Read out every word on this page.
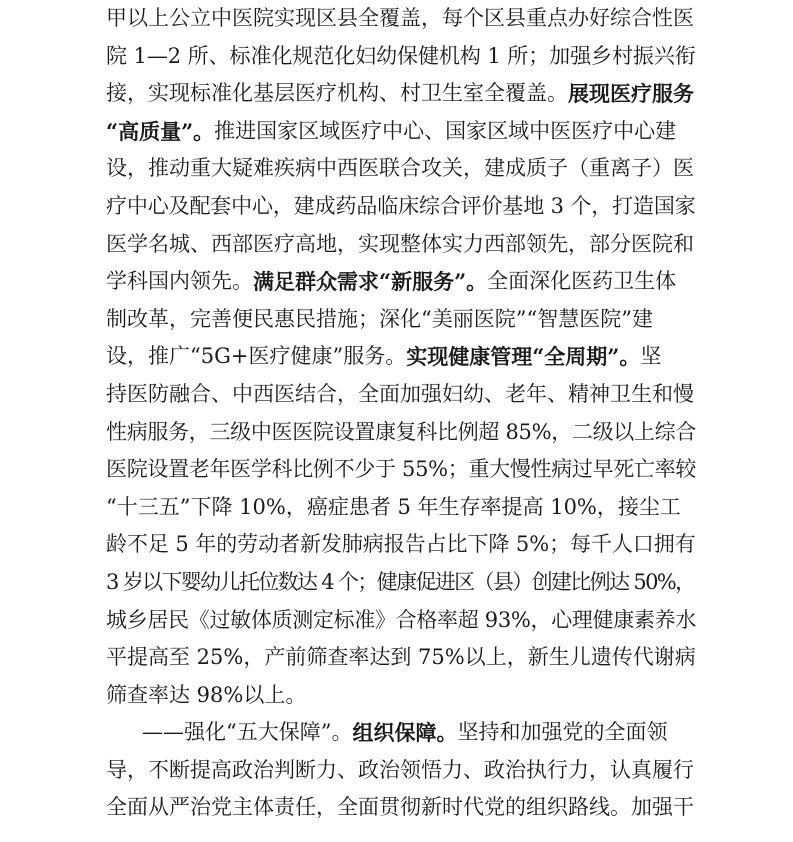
甲以上公立中医院实现区县全覆盖，每个区县重点办好综合性医
院 1—2 所、标准化规范化妇幼保健机构 1 所；加强乡村振兴衔
接，实现标准化基层医疗机构、村卫生室全覆盖。 展现医疗服务
“高质量”。 推进国家区域医疗中心、国家区域中医医疗中心建
设，推动重大疑难疾病中西医联合攻关，建成质子（重离子）医
疗中心及配套中心，建成药品临床综合评价基地 3 个，打造国家
医学名城、西部医疗高地，实现整体实力西部领先，部分医院和
学科国内领先。 满足群众需求“新服务”。 全面深化医药卫生体
制改革，完善便民惠民措施；深化“美丽医院”“智慧医院”建
设，推广“5G+医疗健康”服务。 实现健康管理“全周期”。 坚
持医防融合、中西医结合，全面加强妇幼、老年、精神卫生和慢
性病服务，三级中医医院设置康复科比例超 85%，二级以上综合
医院设置老年医学科比例不少于 55%；重大慢性病过早死亡率较
“十三五”下降 10%，癌症患者 5 年生存率提高 10%，接尘工
龄不足 5 年的劳动者新发肺病报告占比下降 5%；每千人口拥有
3 岁以下婴幼儿托位数达 4 个；健康促进区（县）创建比例达 50%，
城乡居民《过敏体质测定标准》合格率超 93%，心理健康素养水
平提高至 25%，产前筛查率达到 75%以上，新生儿遗传代谢病
筛查率达 98%以上。
——强化“五大保障”。 组织保障。 坚持和加强党的全面领
导，不断提高政治判断力、政治领悟力、政治执行力，认真履行
全面从严治党主体责任，全面贯彻新时代党的组织路线。加强干
